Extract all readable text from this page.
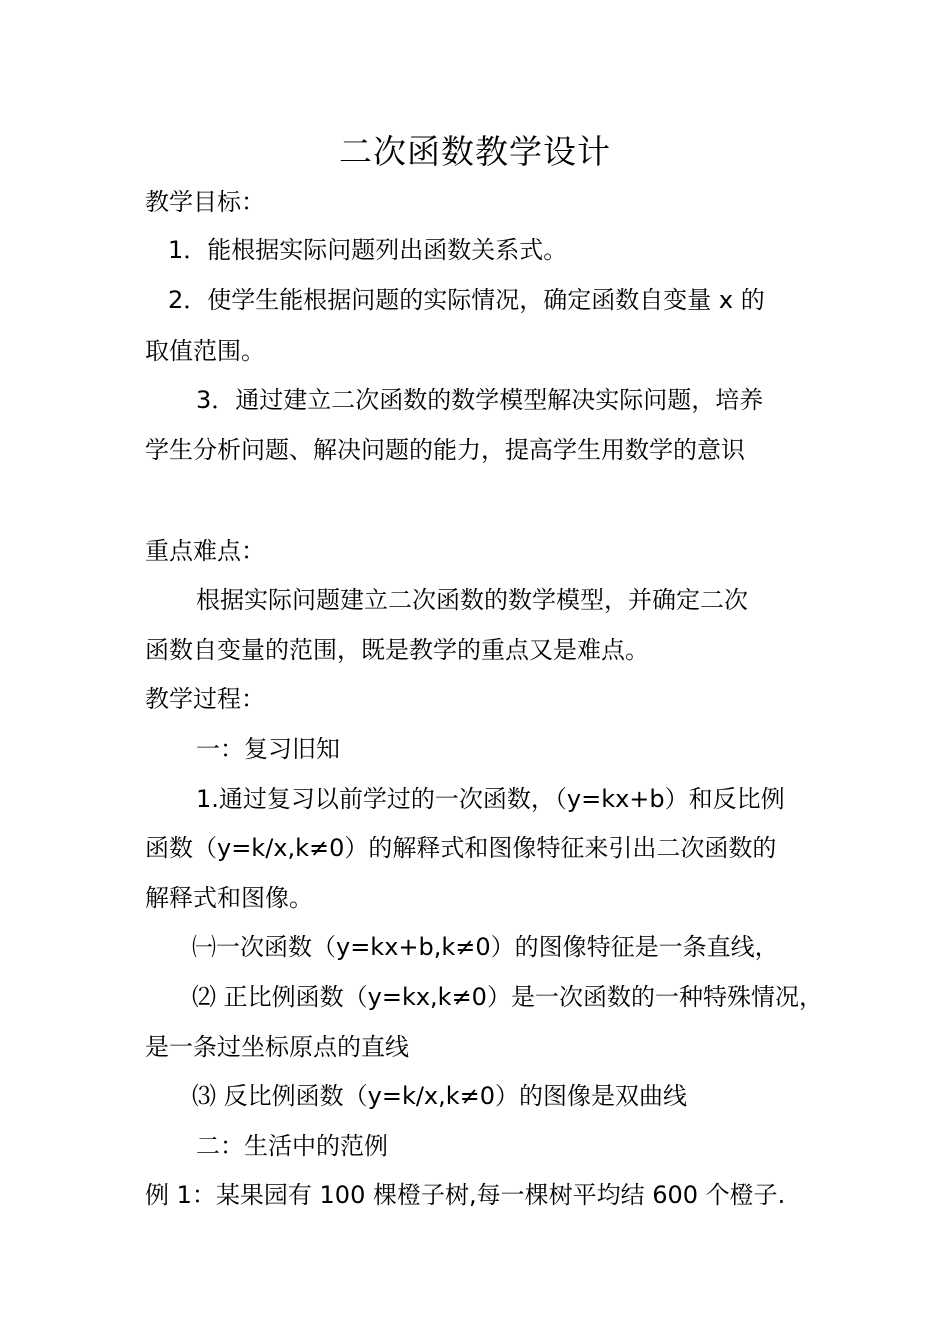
二次函数教学设计
教学目标：
1．能根据实际问题列出函数关系式。
2．使学生能根据问题的实际情况，确定函数自变量 x 的
取值范围。
3．通过建立二次函数的数学模型解决实际问题，培养
学生分析问题、解决问题的能力，提高学生用数学的意识
重点难点：
根据实际问题建立二次函数的数学模型，并确定二次
函数自变量的范围，既是教学的重点又是难点。
教学过程：
一：复习旧知
1.通过复习以前学过的一次函数，（y=kx+b）和反比例
函数（y=k/x,k≠0）的解释式和图像特征来引出二次函数的
解释式和图像。
㈠一次函数（y=kx+b,k≠0）的图像特征是一条直线，
⑵ 正比例函数（y=kx,k≠0）是一次函数的一种特殊情况，
是一条过坐标原点的直线
⑶ 反比例函数（y=k/x,k≠0）的图像是双曲线
二：生活中的范例
例 1：某果园有 100 棵橙子树,每一棵树平均结 600 个橙子.
